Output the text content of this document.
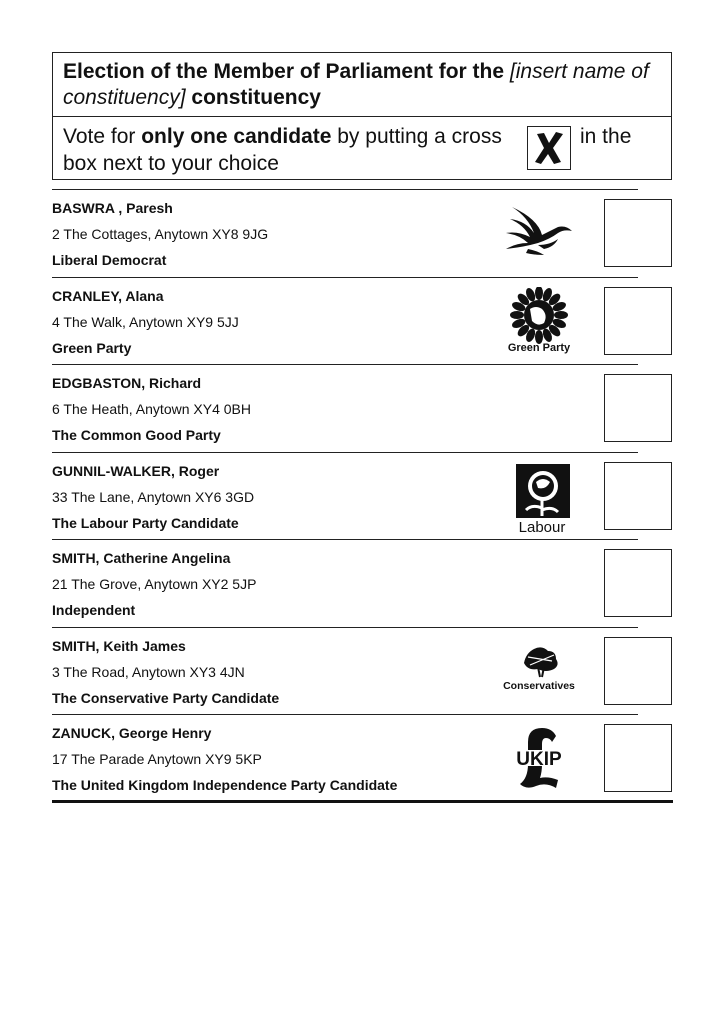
Election of the Member of Parliament for the [insert name of constituency] constituency
Vote for only one candidate by putting a cross	in the
box next to your choice
BASWRA , Paresh
2 The Cottages, Anytown XY8 9JG
Liberal Democrat
CRANLEY, Alana
4 The Walk, Anytown XY9 5JJ
Green Party	Green Party
EDGBASTON, Richard
6 The Heath, Anytown XY4 0BH
The Common Good Party
GUNNIL-WALKER, Roger
33 The Lane, Anytown XY6 3GD
The Labour Party Candidate	Labour
SMITH, Catherine Angelina
21 The Grove, Anytown XY2 5JP
Independent
SMITH, Keith James
3 The Road, Anytown XY3 4JN
The Conservative Party Candidate
Conservatives
ZANUCK, George Henry
17 The Parade Anytown XY9 5KP
The United Kingdom Independence Party Candidate
UKIP
